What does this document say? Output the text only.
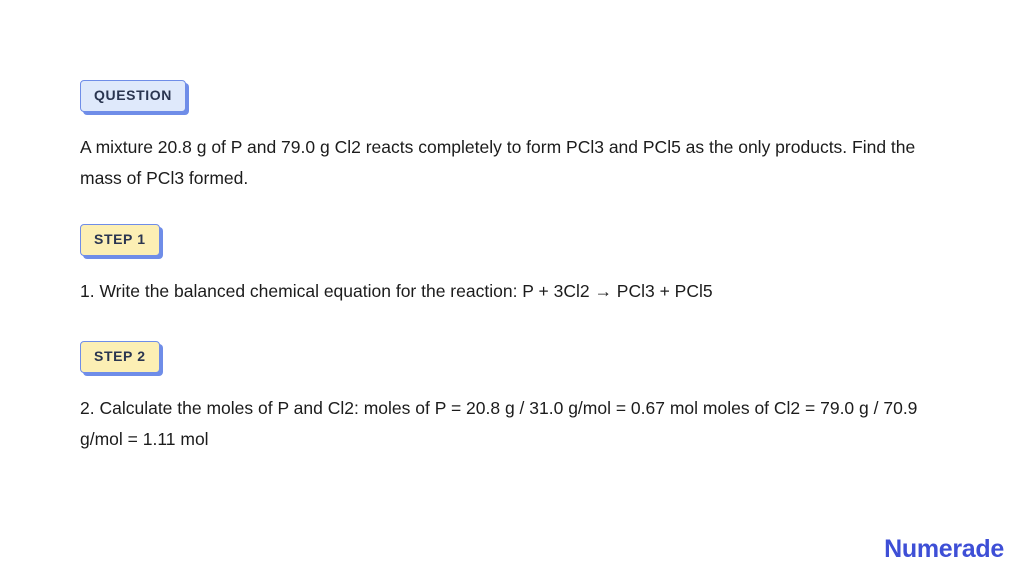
QUESTION

A mixture 20.8 g of P and 79.0 g Cl2 reacts completely to form PCl3 and PCl5 as the only products. Find the mass of PCl3 formed.

STEP 1

1. Write the balanced chemical equation for the reaction: P + 3Cl2 → PCl3 + PCl5

STEP 2

2. Calculate the moles of P and Cl2: moles of P = 20.8 g / 31.0 g/mol = 0.67 mol moles of Cl2 = 79.0 g / 70.9 g/mol = 1.11 mol

Numerade
